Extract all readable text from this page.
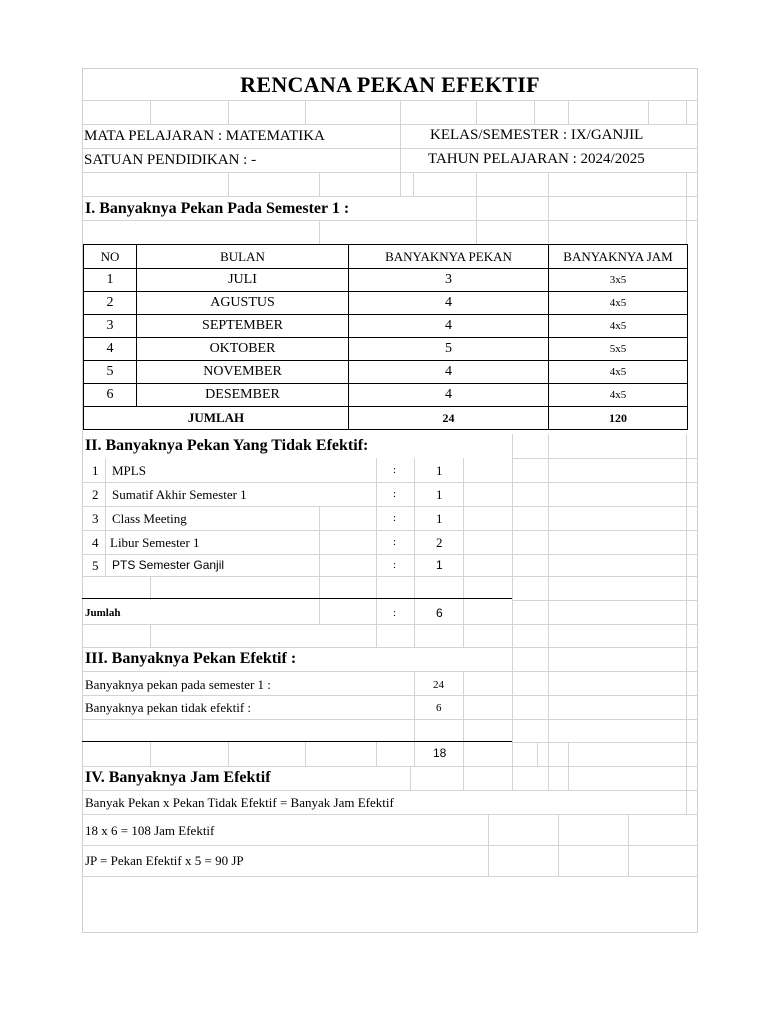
RENCANA PEKAN EFEKTIF
MATA PELAJARAN : MATEMATIKA	KELAS/SEMESTER : IX/GANJIL
SATUAN PENDIDIKAN : -	TAHUN PELAJARAN : 2024/2025
I. Banyaknya Pekan Pada Semester 1 :
NO	BULAN	BANYAKNYA PEKAN	BANYAKNYA JAM
1	JULI	3	3x5
2	AGUSTUS	4	4x5
3	SEPTEMBER	4	4x5
4	OKTOBER	5	5x5
5	NOVEMBER	4	4x5
6	DESEMBER	4	4x5
JUMLAH		24	120
II. Banyaknya Pekan Yang Tidak Efektif:
1 MPLS	:	1
2 Sumatif Akhir Semester 1	:	1
3 Class Meeting	:	1
4 Libur Semester 1	:	2
5 PTS Semester Ganjil	:	1
Jumlah	:	6
III. Banyaknya Pekan Efektif :
Banyaknya pekan pada semester 1 :	24
Banyaknya pekan tidak efektif :	6
18
IV. Banyaknya Jam Efektif
Banyak Pekan x Pekan Tidak Efektif = Banyak Jam Efektif
18 x 6 = 108 Jam Efektif
JP = Pekan Efektif x 5 = 90 JP
